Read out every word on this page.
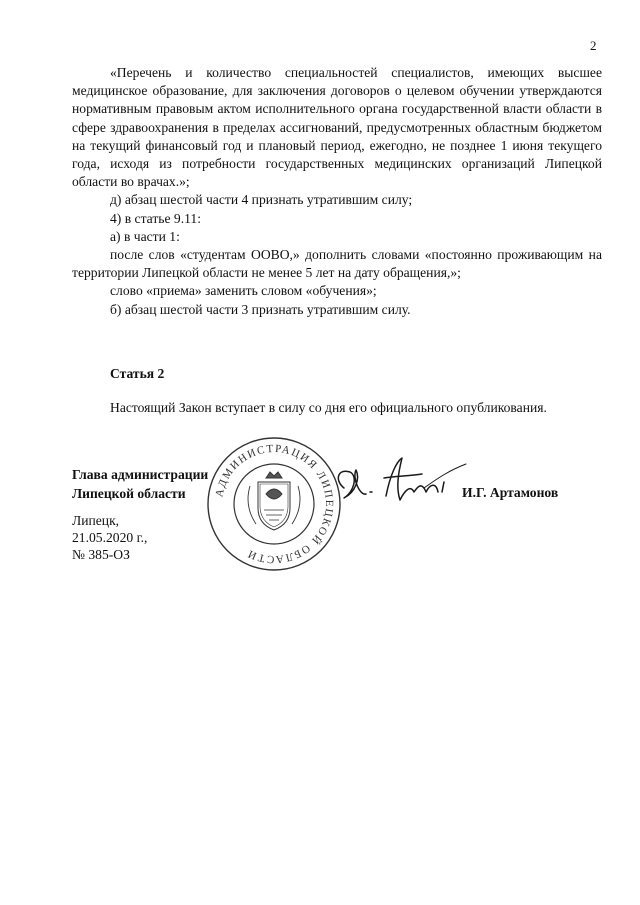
2

«Перечень и количество специальностей специалистов, имеющих высшее медицинское образование, для заключения договоров о целевом обучении утверждаются нормативным правовым актом исполнительного органа государственной власти области в сфере здравоохранения в пределах ассигнований, предусмотренных областным бюджетом на текущий финансовый год и плановый период, ежегодно, не позднее 1 июня текущего года, исходя из потребности государственных медицинских организаций Липецкой области во врачах.»;

д) абзац шестой части 4 признать утратившим силу;

4) в статье 9.11:

а) в части 1:

после слов «студентам ООВО,» дополнить словами «постоянно проживающим на территории Липецкой области не менее 5 лет на дату обращения,»;

слово «приема» заменить словом «обучения»;

б) абзац шестой части 3 признать утратившим силу.

Статья 2
Настоящий Закон вступает в силу со дня его официального опубликования.
Глава администрации
Липецкой области	И.Г. Артамонов
Липецк,
21.05.2020 г.,
№ 385-ОЗ
АДМИНИСТРАЦИЯ ЛИПЕЦКОЙ ОБЛАСТИ
